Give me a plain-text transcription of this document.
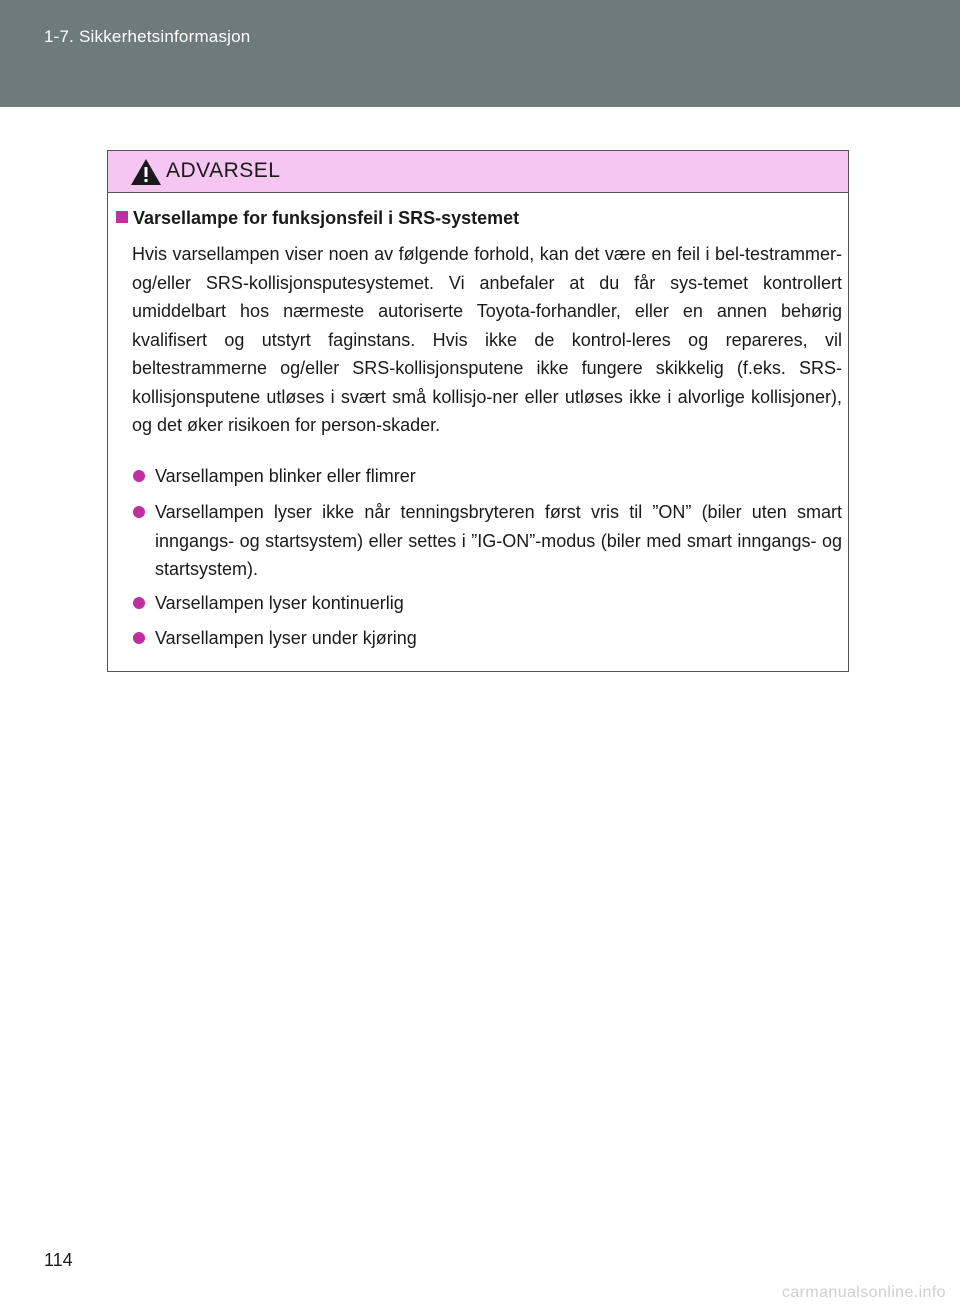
1-7. Sikkerhetsinformasjon
ADVARSEL
Varsellampe for funksjonsfeil i SRS-systemet
Hvis varsellampen viser noen av følgende forhold, kan det være en feil i bel-testrammer- og/eller SRS-kollisjonsputesystemet. Vi anbefaler at du får sys-temet kontrollert umiddelbart hos nærmeste autoriserte Toyota-forhandler, eller en annen behørig kvalifisert og utstyrt faginstans. Hvis ikke de kontrol-leres og repareres, vil beltestrammerne og/eller SRS-kollisjonsputene ikke fungere skikkelig (f.eks. SRS-kollisjonsputene utløses i svært små kollisjo-ner eller utløses ikke i alvorlige kollisjoner), og det øker risikoen for person-skader.
Varsellampen blinker eller flimrer
Varsellampen lyser ikke når tenningsbryteren først vris til ”ON” (biler uten smart inngangs- og startsystem) eller settes i ”IG-ON”-modus (biler med smart inngangs- og startsystem).
Varsellampen lyser kontinuerlig
Varsellampen lyser under kjøring
114
carmanualsonline.info
